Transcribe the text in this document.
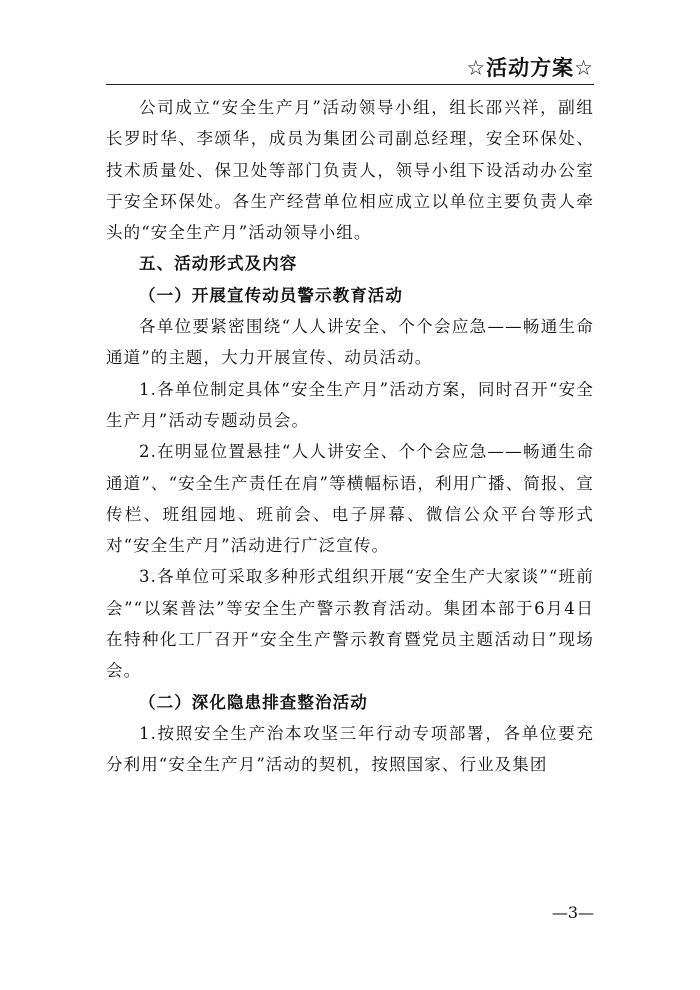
☆活动方案☆

公司成立“安全生产月”活动领导小组，组长邵兴祥，副组长罗时华、李颂华，成员为集团公司副总经理，安全环保处、技术质量处、保卫处等部门负责人，领导小组下设活动办公室于安全环保处。各生产经营单位相应成立以单位主要负责人牵头的“安全生产月”活动领导小组。

五、活动形式及内容

（一）开展宣传动员警示教育活动

各单位要紧密围绕“人人讲安全、个个会应急——畅通生命通道”的主题，大力开展宣传、动员活动。

1.各单位制定具体“安全生产月”活动方案，同时召开“安全生产月”活动专题动员会。

2.在明显位置悬挂“人人讲安全、个个会应急——畅通生命通道”、“安全生产责任在肩”等横幅标语，利用广播、简报、宣传栏、班组园地、班前会、电子屏幕、微信公众平台等形式对“安全生产月”活动进行广泛宣传。

3.各单位可采取多种形式组织开展“安全生产大家谈”“班前会”“以案普法”等安全生产警示教育活动。集团本部于6月4日在特种化工厂召开“安全生产警示教育暨党员主题活动日”现场会。

（二）深化隐患排查整治活动

1.按照安全生产治本攻坚三年行动专项部署，各单位要充分利用“安全生产月”活动的契机，按照国家、行业及集团

—3—
